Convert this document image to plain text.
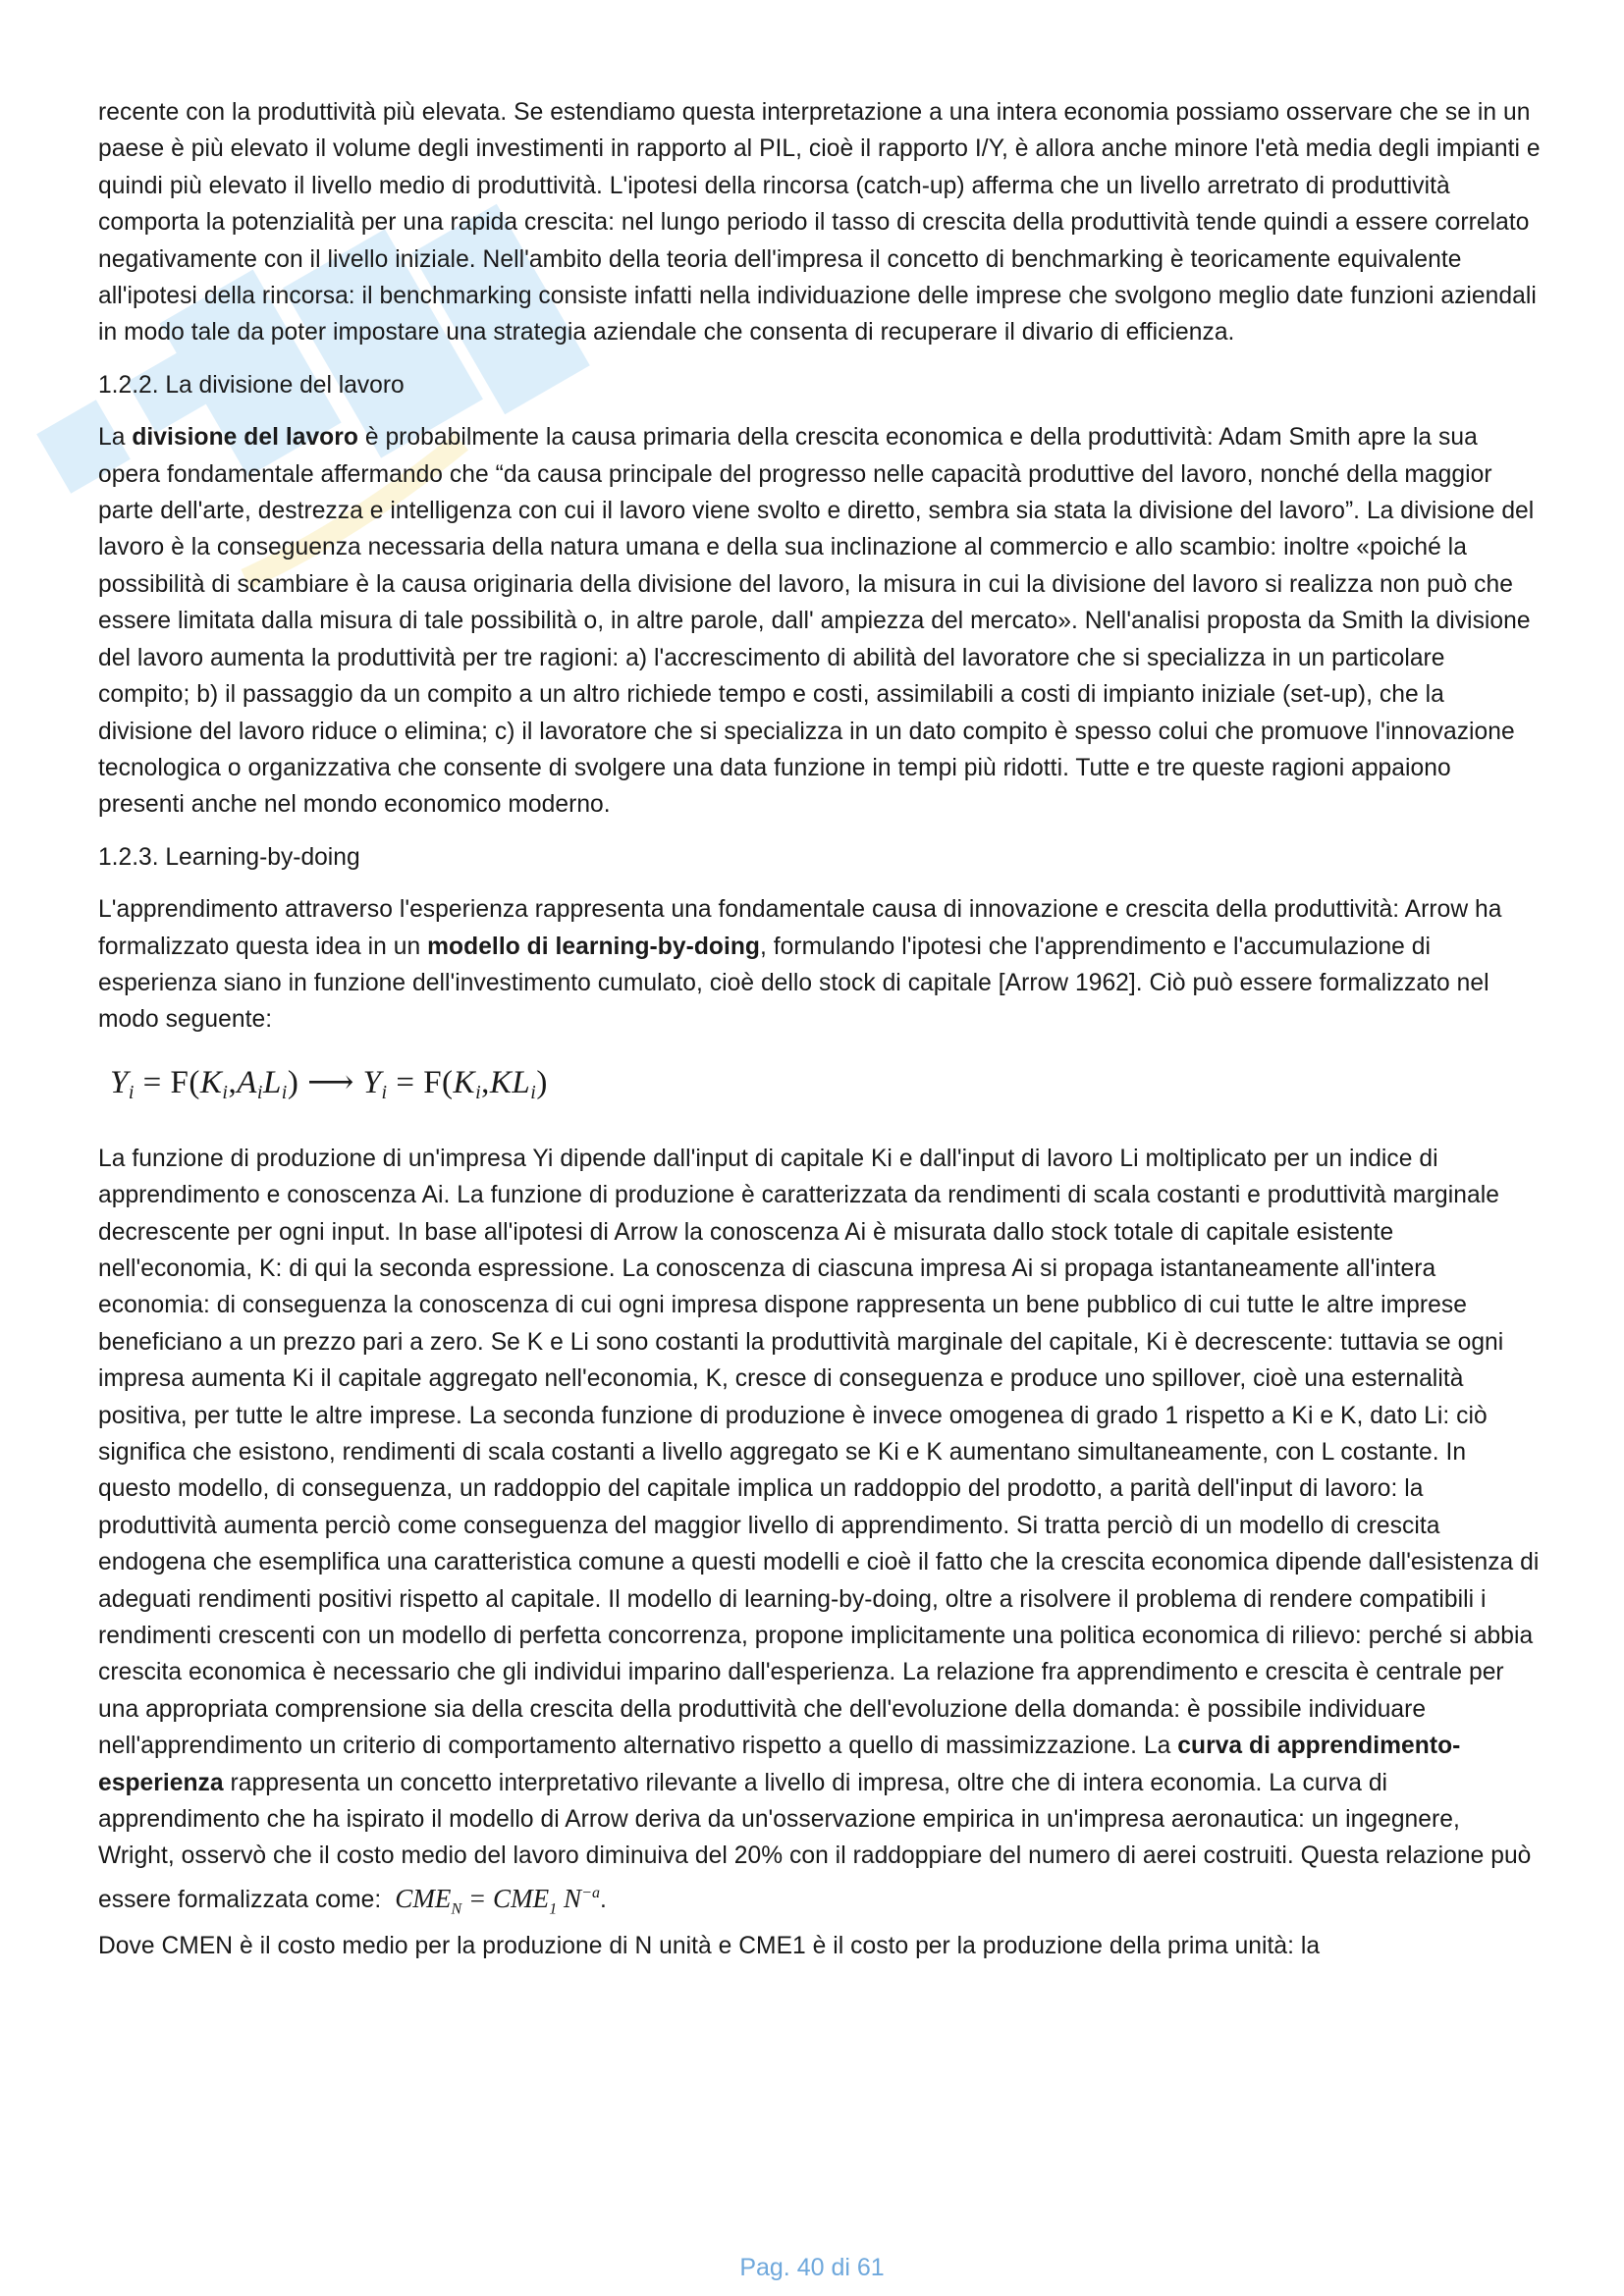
recente con la produttività più elevata. Se estendiamo questa interpretazione a una intera economia possiamo osservare che se in un paese è più elevato il volume degli investimenti in rapporto al PIL, cioè il rapporto I/Y, è allora anche minore l'età media degli impianti e quindi più elevato il livello medio di produttività. L'ipotesi della rincorsa (catch-up) afferma che un livello arretrato di produttività comporta la potenzialità per una rapida crescita: nel lungo periodo il tasso di crescita della produttività tende quindi a essere correlato negativamente con il livello iniziale. Nell'ambito della teoria dell'impresa il concetto di benchmarking è teoricamente equivalente all'ipotesi della rincorsa: il benchmarking consiste infatti nella individuazione delle imprese che svolgono meglio date funzioni aziendali in modo tale da poter impostare una strategia aziendale che consenta di recuperare il divario di efficienza.

1.2.2. La divisione del lavoro

La divisione del lavoro è probabilmente la causa primaria della crescita economica e della produttività: Adam Smith apre la sua opera fondamentale affermando che “da causa principale del progresso nelle capacità produttive del lavoro, nonché della maggior parte dell'arte, destrezza e intelligenza con cui il lavoro viene svolto e diretto, sembra sia stata la divisione del lavoro”. La divisione del lavoro è la conseguenza necessaria della natura umana e della sua inclinazione al commercio e allo scambio: inoltre «poiché la possibilità di scambiare è la causa originaria della divisione del lavoro, la misura in cui la divisione del lavoro si realizza non può che essere limitata dalla misura di tale possibilità o, in altre parole, dall' ampiezza del mercato». Nell'analisi proposta da Smith la divisione del lavoro aumenta la produttività per tre ragioni: a) l'accrescimento di abilità del lavoratore che si specializza in un particolare compito; b) il passaggio da un compito a un altro richiede tempo e costi, assimilabili a costi di impianto iniziale (set-up), che la divisione del lavoro riduce o elimina; c) il lavoratore che si specializza in un dato compito è spesso colui che promuove l'innovazione tecnologica o organizzativa che consente di svolgere una data funzione in tempi più ridotti. Tutte e tre queste ragioni appaiono presenti anche nel mondo economico moderno.

1.2.3. Learning-by-doing

L'apprendimento attraverso l'esperienza rappresenta una fondamentale causa di innovazione e crescita della produttività: Arrow ha formalizzato questa idea in un modello di learning-by-doing, formulando l'ipotesi che l'apprendimento e l'accumulazione di esperienza siano in funzione dell'investimento cumulato, cioè dello stock di capitale [Arrow 1962]. Ciò può essere formalizzato nel modo seguente:

$Y_i = F(K_i,A_iL_i)$ ⟶ $Y_i = F(K_i,KL_i)$

La funzione di produzione di un'impresa Yi dipende dall'input di capitale Ki e dall'input di lavoro Li moltiplicato per un indice di apprendimento e conoscenza Ai. La funzione di produzione è caratterizzata da rendimenti di scala costanti e produttività marginale decrescente per ogni input. In base all'ipotesi di Arrow la conoscenza Ai è misurata dallo stock totale di capitale esistente nell'economia, K: di qui la seconda espressione. La conoscenza di ciascuna impresa Ai si propaga istantaneamente all'intera economia: di conseguenza la conoscenza di cui ogni impresa dispone rappresenta un bene pubblico di cui tutte le altre imprese beneficiano a un prezzo pari a zero. Se K e Li sono costanti la produttività marginale del capitale, Ki è decrescente: tuttavia se ogni impresa aumenta Ki il capitale aggregato nell'economia, K, cresce di conseguenza e produce uno spillover, cioè una esternalità positiva, per tutte le altre imprese. La seconda funzione di produzione è invece omogenea di grado 1 rispetto a Ki e K, dato Li: ciò significa che esistono, rendimenti di scala costanti a livello aggregato se Ki e K aumentano simultaneamente, con L costante. In questo modello, di conseguenza, un raddoppio del capitale implica un raddoppio del prodotto, a parità dell'input di lavoro: la produttività aumenta perciò come conseguenza del maggior livello di apprendimento. Si tratta perciò di un modello di crescita endogena che esemplifica una caratteristica comune a questi modelli e cioè il fatto che la crescita economica dipende dall'esistenza di adeguati rendimenti positivi rispetto al capitale. Il modello di learning-by-doing, oltre a risolvere il problema di rendere compatibili i rendimenti crescenti con un modello di perfetta concorrenza, propone implicitamente una politica economica di rilievo: perché si abbia crescita economica è necessario che gli individui imparino dall'esperienza. La relazione fra apprendimento e crescita è centrale per una appropriata comprensione sia della crescita della produttività che dell'evoluzione della domanda: è possibile individuare nell'apprendimento un criterio di comportamento alternativo rispetto a quello di massimizzazione. La curva di apprendimento-esperienza rappresenta un concetto interpretativo rilevante a livello di impresa, oltre che di intera economia. La curva di apprendimento che ha ispirato il modello di Arrow deriva da un'osservazione empirica in un'impresa aeronautica: un ingegnere, Wright, osservò che il costo medio del lavoro diminuiva del 20% con il raddoppiare del numero di aerei costruiti. Questa relazione può essere formalizzata come: $CME_N = CME_1$ $N^{-a}$.
Dove CMEN è il costo medio per la produzione di N unità e CME1 è il costo per la produzione della prima unità: la

Pag. 40 di 61
